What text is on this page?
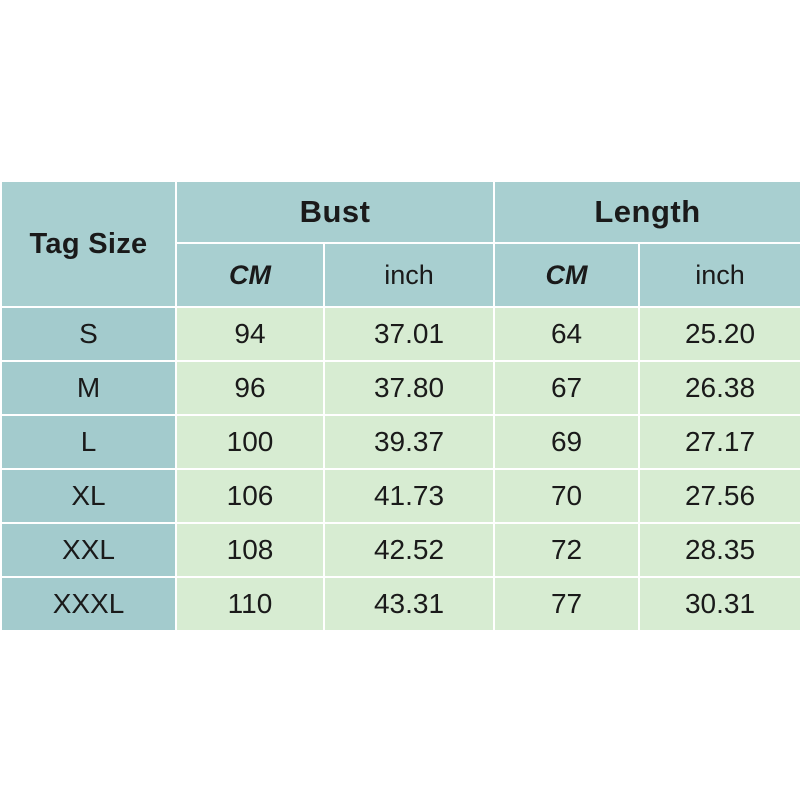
Tag Size	Bust		Length	
	CM	inch	CM	inch
S	94	37.01	64	25.20
M	96	37.80	67	26.38
L	100	39.37	69	27.17
XL	106	41.73	70	27.56
XXL	108	42.52	72	28.35
XXXL	110	43.31	77	30.31
